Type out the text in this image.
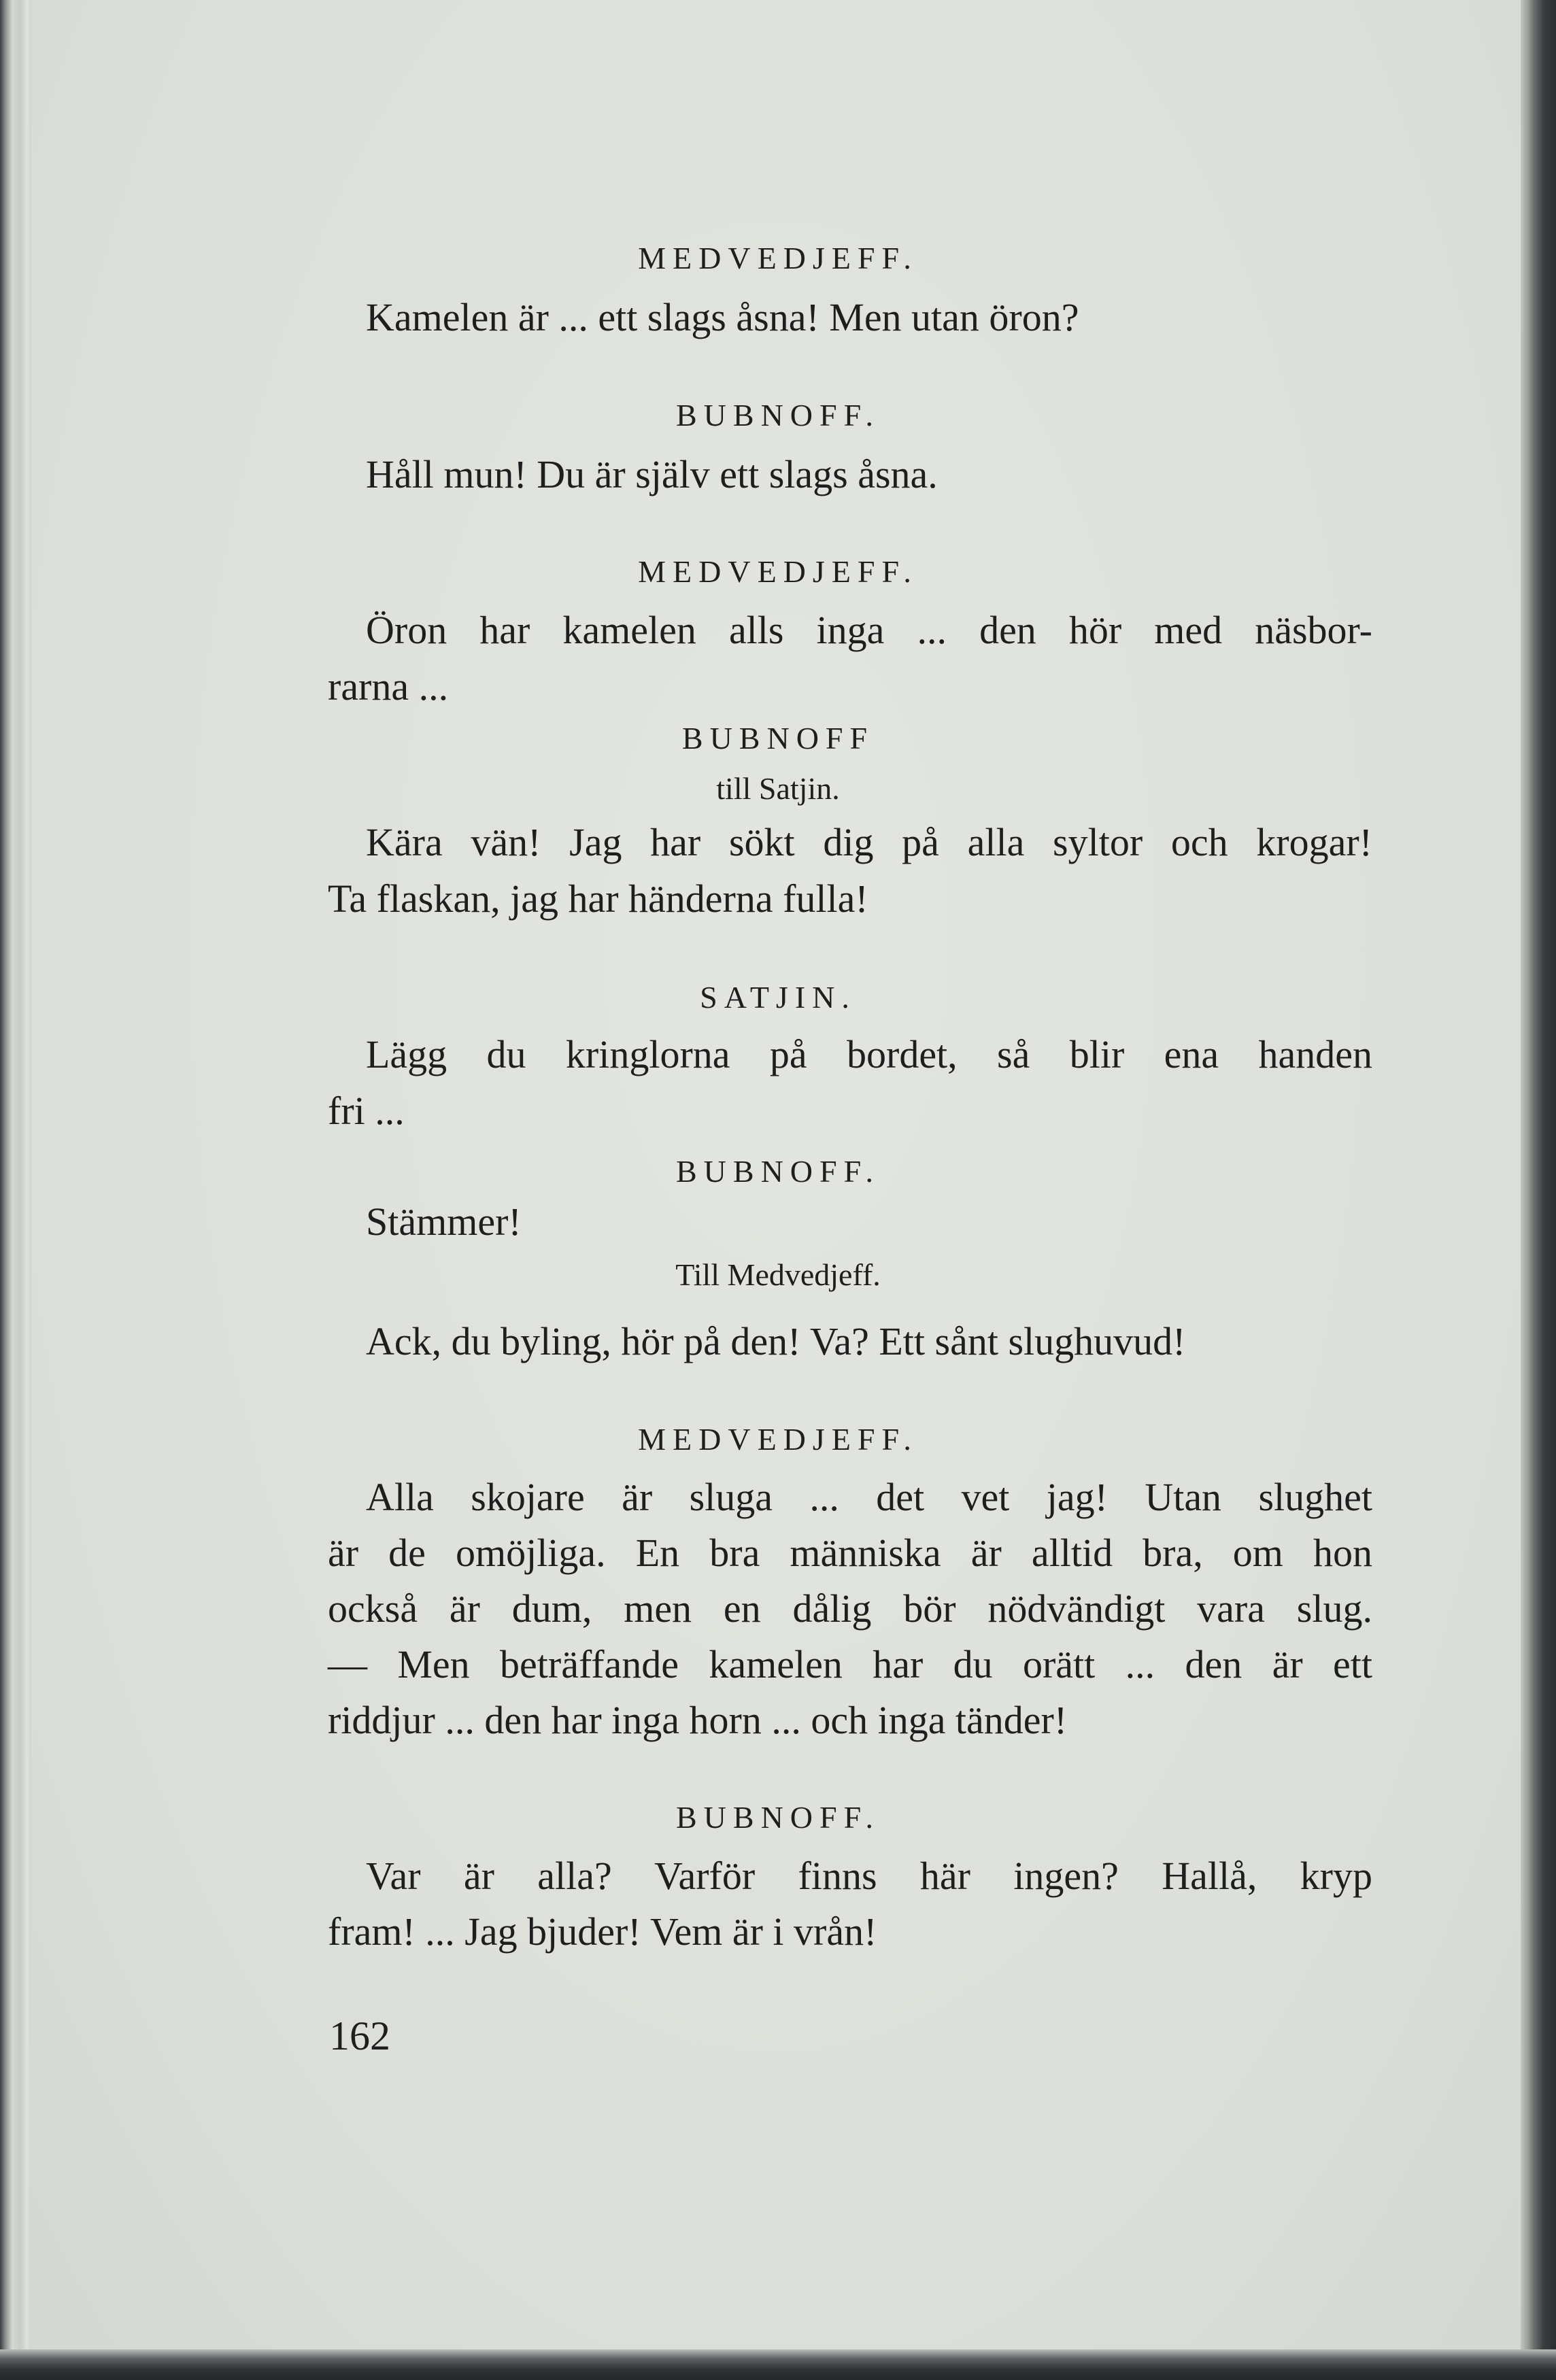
MEDVEDJEFF.
Kamelen är ... ett slags åsna! Men utan öron?
BUBNOFF.
Håll mun! Du är själv ett slags åsna.
MEDVEDJEFF.
Öron har kamelen alls inga ... den hör med näsbor-
rarna ...
BUBNOFF
till Satjin.
Kära vän! Jag har sökt dig på alla syltor och krogar!
Ta flaskan, jag har händerna fulla!
SATJIN.
Lägg du kringlorna på bordet, så blir ena handen
fri ...
BUBNOFF.
Stämmer!
Till Medvedjeff.
Ack, du byling, hör på den! Va? Ett sånt slughuvud!
MEDVEDJEFF.
Alla skojare är sluga ... det vet jag! Utan slughet
är de omöjliga. En bra människa är alltid bra, om hon
också är dum, men en dålig bör nödvändigt vara slug.
— Men beträffande kamelen har du orätt ... den är ett
riddjur ... den har inga horn ... och inga tänder!
BUBNOFF.
Var är alla? Varför finns här ingen? Hallå, kryp
fram! ... Jag bjuder! Vem är i vrån!
162
